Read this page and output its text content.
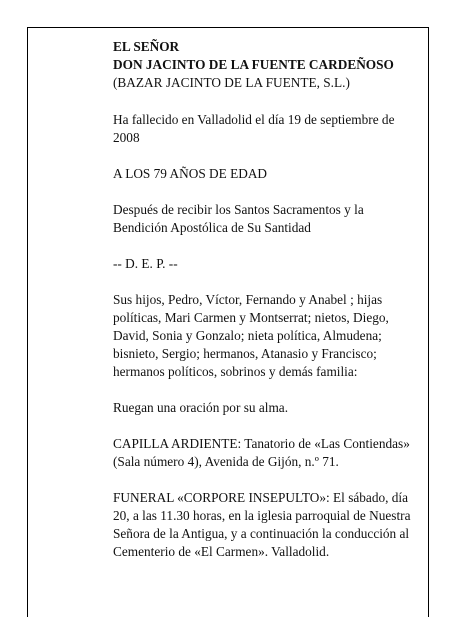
EL SEÑOR

DON JACINTO DE LA FUENTE CARDEÑOSO

(BAZAR JACINTO DE LA FUENTE, S.L.)

Ha fallecido en Valladolid el día 19 de septiembre de 2008

A LOS 79 AÑOS DE EDAD

Después de recibir los Santos Sacramentos y la Bendición Apostólica de Su Santidad

-- D. E. P. --

Sus hijos, Pedro, Víctor, Fernando y Anabel ; hijas políticas, Mari Carmen y Montserrat; nietos, Diego, David, Sonia y Gonzalo; nieta política, Almudena; bisnieto, Sergio; hermanos, Atanasio y Francisco; hermanos políticos, sobrinos y demás familia:

Ruegan una oración por su alma.

CAPILLA ARDIENTE: Tanatorio de «Las Contiendas» (Sala número 4), Avenida de Gijón, n.º 71.

FUNERAL «CORPORE INSEPULTO»: El sábado, día 20, a las 11.30 horas, en la iglesia parroquial de Nuestra Señora de la Antigua, y a continuación la conducción al Cementerio de «El Carmen». Valladolid.
